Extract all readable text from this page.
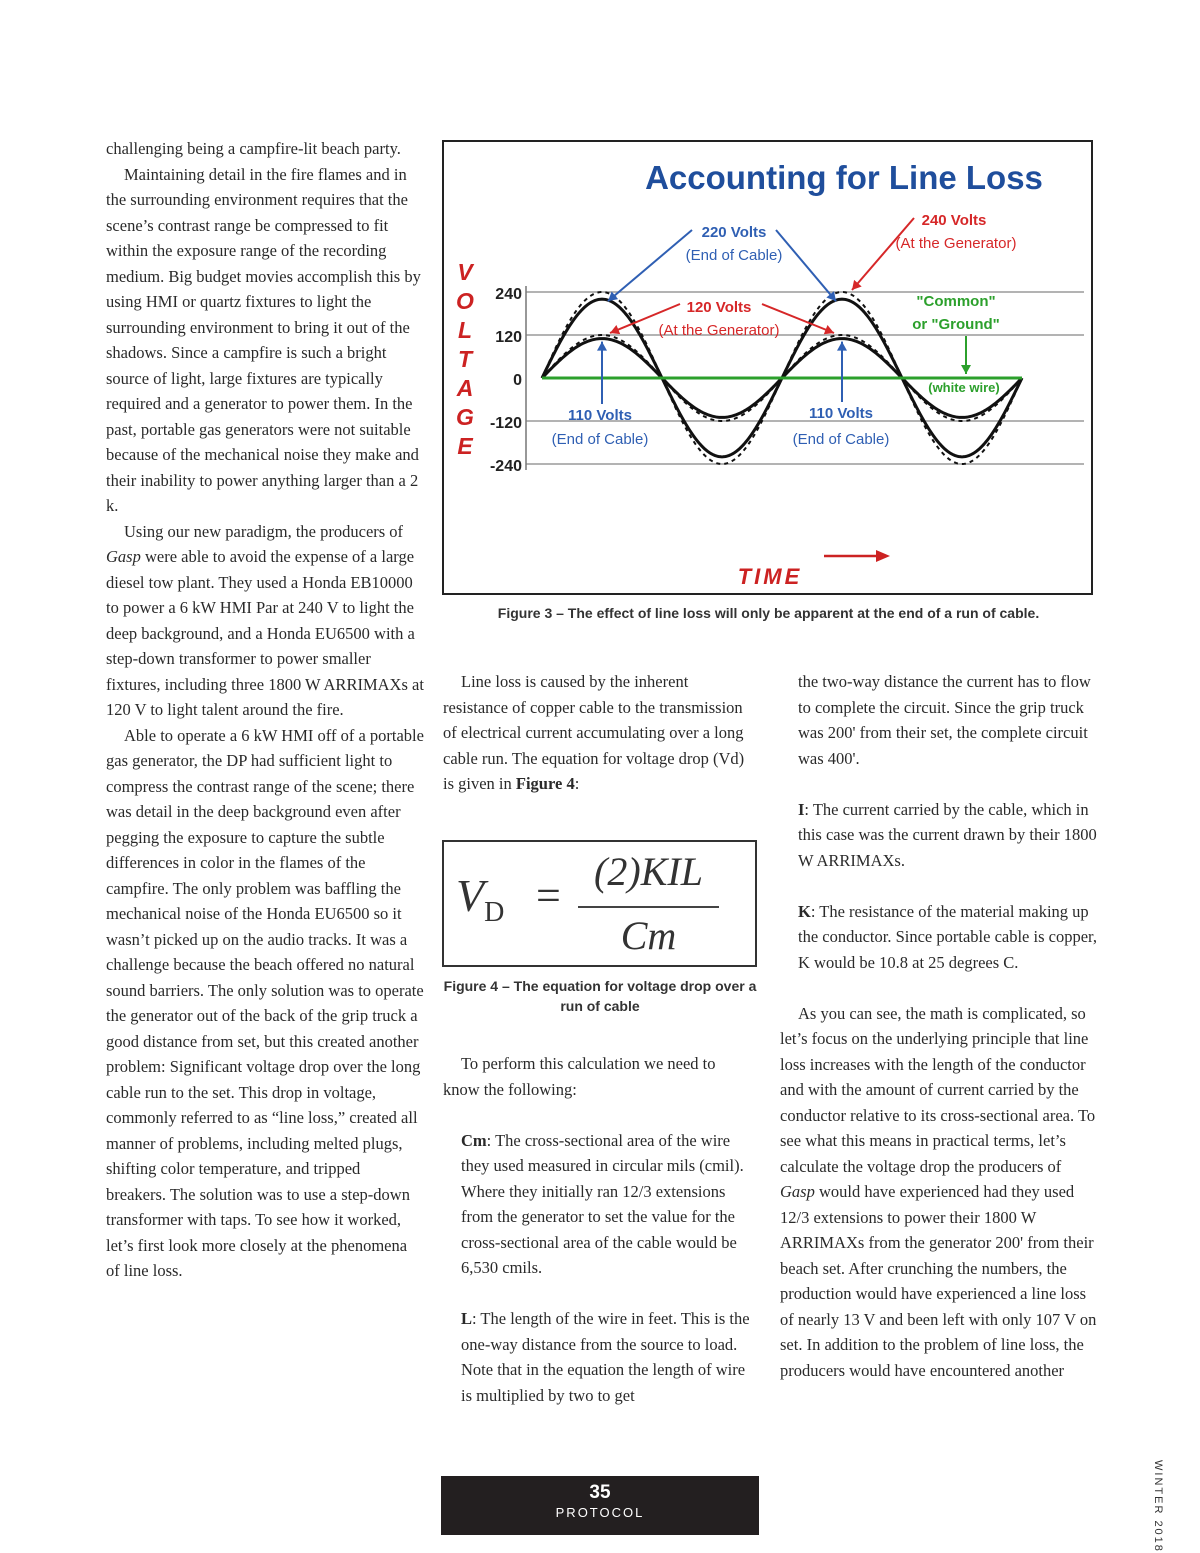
challenging being a campfire-lit beach party.

Maintaining detail in the fire flames and in the surrounding environment requires that the scene’s contrast range be compressed to fit within the exposure range of the recording medium. Big budget movies accomplish this by using HMI or quartz fixtures to light the surrounding environment to bring it out of the shadows. Since a campfire is such a bright source of light, large fixtures are typically required and a generator to power them. In the past, portable gas generators were not suitable because of the mechanical noise they make and their inability to power anything larger than a 2 k.

Using our new paradigm, the producers of Gasp were able to avoid the expense of a large diesel tow plant. They used a Honda EB10000 to power a 6 kW HMI Par at 240 V to light the deep background, and a Honda EU6500 with a step-down transformer to power smaller fixtures, including three 1800 W ARRIMAXs at 120 V to light talent around the fire.

Able to operate a 6 kW HMI off of a portable gas generator, the DP had sufficient light to compress the contrast range of the scene; there was detail in the deep background even after pegging the exposure to capture the subtle differences in color in the flames of the campfire. The only problem was baffling the mechanical noise of the Honda EU6500 so it wasn’t picked up on the audio tracks. It was a challenge because the beach offered no natural sound barriers. The only solution was to operate the generator out of the back of the grip truck a good distance from set, but this created another problem: Significant voltage drop over the long cable run to the set. This drop in voltage, commonly referred to as “line loss,” created all manner of problems, including melted plugs, shifting color temperature, and tripped breakers. The solution was to use a step-down transformer with taps. To see how it worked, let’s first look more closely at the phenomena of line loss.

Accounting for Line Loss
V
O
L
T
A
G
E
240
120
0
-120
-240
220 Volts
(End of Cable)
240 Volts
(At the Generator)
120 Volts
(At the Generator)
"Common"
or "Ground"
(white wire)
110 Volts
(End of Cable)
110 Volts
(End of Cable)
TIME
Figure 3 – The effect of line loss will only be apparent at the end of a run of cable.

Line loss is caused by the inherent resistance of copper cable to the transmission of electrical current accumulating over a long cable run. The equation for voltage drop (Vd) is given in Figure 4:

$V_D = (2)KIL$
Cm
Figure 4 – The equation for voltage drop over a run of cable

To perform this calculation we need to know the following:

Cm: The cross-sectional area of the wire they used measured in circular mils (cmil). Where they initially ran 12/3 extensions from the generator to set the value for the cross-sectional area of the cable would be 6,530 cmils.

L: The length of the wire in feet. This is the one-way distance from the source to load. Note that in the equation the length of wire is multiplied by two to get

the two-way distance the current has to flow to complete the circuit. Since the grip truck was 200' from their set, the complete circuit was 400'.

I: The current carried by the cable, which in this case was the current drawn by their 1800 W ARRIMAXs.

K: The resistance of the material making up the conductor. Since portable cable is copper, K would be 10.8 at 25 degrees C.

As you can see, the math is complicated, so let’s focus on the underlying principle that line loss increases with the length of the conductor and with the amount of current carried by the conductor relative to its cross-sectional area. To see what this means in practical terms, let’s calculate the voltage drop the producers of Gasp would have experienced had they used 12/3 extensions to power their 1800 W ARRIMAXs from the generator 200' from their beach set. After crunching the numbers, the production would have experienced a line loss of nearly 13 V and been left with only 107 V on set. In addition to the problem of line loss, the producers would have encountered another

35
PROTOCOL	WINTER 2018
